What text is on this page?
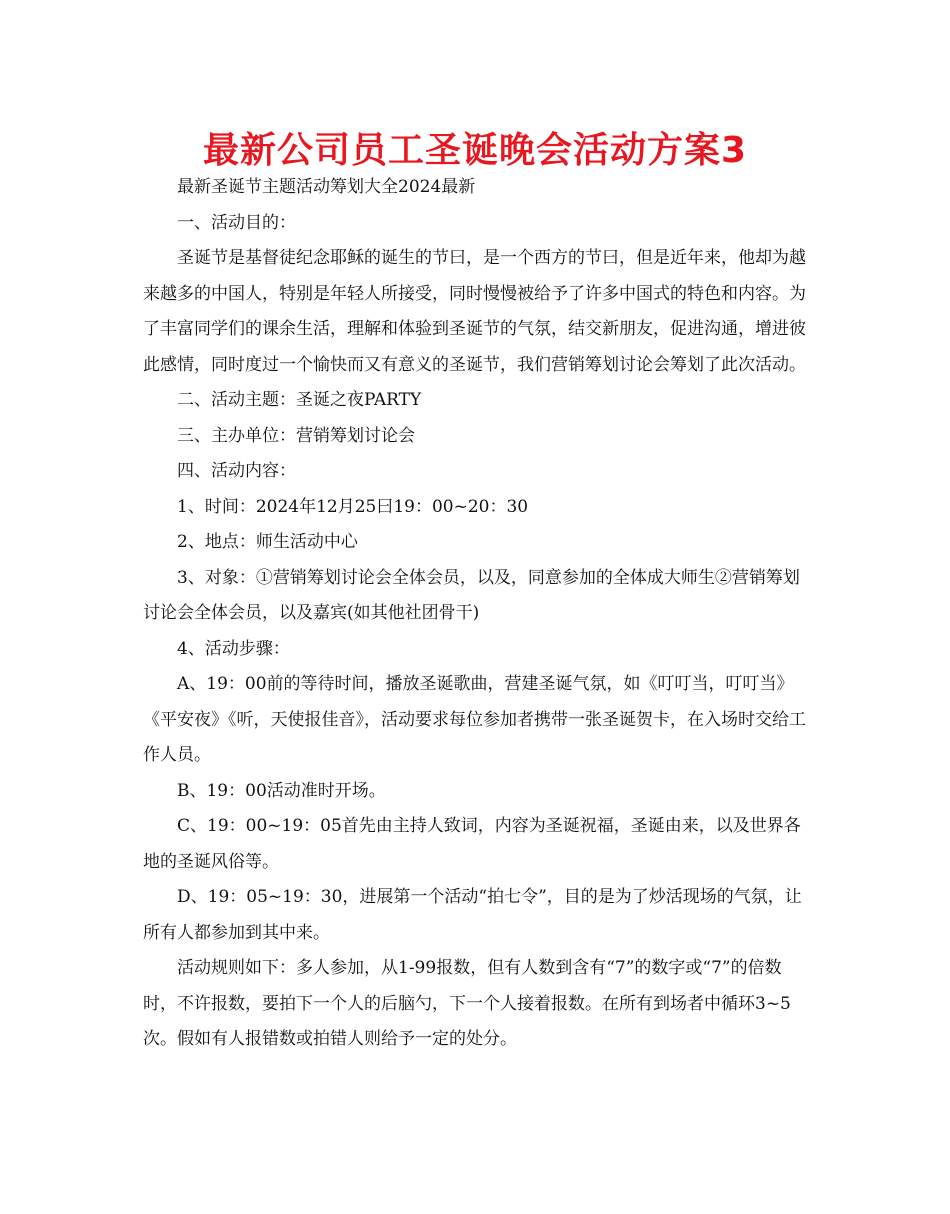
最新公司员工圣诞晚会活动方案3

最新圣诞节主题活动筹划大全2024最新

一、活动目的：

圣诞节是基督徒纪念耶稣的诞生的节曰，是一个西方的节曰，但是近年来，他却为越来越多的中国人，特别是年轻人所接受，同时慢慢被给予了许多中国式的特色和内容。为了丰富同学们的课余生活，理解和体验到圣诞节的气氛，结交新朋友，促进沟通，增进彼此感情，同时度过一个愉快而又有意义的圣诞节，我们营销筹划讨论会筹划了此次活动。

二、活动主题：圣诞之夜PARTY

三、主办单位：营销筹划讨论会

四、活动内容：

1、时间：2024年12月25曰19：00~20：30

2、地点：师生活动中心

3、对象：①营销筹划讨论会全体会员，以及，同意参加的全体成大师生②营销筹划讨论会全体会员，以及嘉宾(如其他社团骨干)

4、活动步骤：

A、19：00前的等待时间，播放圣诞歌曲，营建圣诞气氛，如《叮叮当，叮叮当》《平安夜》《听，天使报佳音》，活动要求每位参加者携带一张圣诞贺卡，在入场时交给工作人员。

B、19：00活动准时开场。

C、19：00~19：05首先由主持人致词，内容为圣诞祝福，圣诞由来，以及世界各地的圣诞风俗等。

D、19：05~19：30，进展第一个活动“拍七令”，目的是为了炒活现场的气氛，让所有人都参加到其中来。

活动规则如下：多人参加，从1-99报数，但有人数到含有“7”的数字或“7”的倍数时，不许报数，要拍下一个人的后脑勺，下一个人接着报数。在所有到场者中循环3~5次。假如有人报错数或拍错人则给予一定的处分。
